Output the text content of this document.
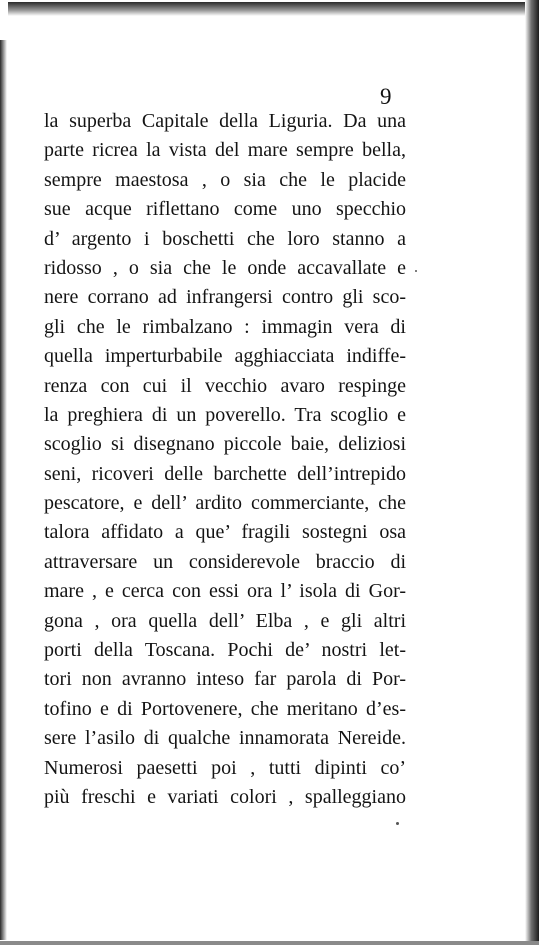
9
la superba Capitale della Liguria. Da una
parte ricrea la vista del mare sempre bella,
sempre maestosa , o sia che le placide
sue acque riflettano come uno specchio
d’ argento i boschetti che loro stanno a
ridosso , o sia che le onde accavallate e
nere corrano ad infrangersi contro gli sco-
gli che le rimbalzano : immagin vera di
quella imperturbabile agghiacciata indiffe-
renza con cui il vecchio avaro respinge
la preghiera di un poverello. Tra scoglio e
scoglio si disegnano piccole baie, deliziosi
seni, ricoveri delle barchette dell’intrepido
pescatore, e dell’ ardito commerciante, che
talora affidato a que’ fragili sostegni osa
attraversare un considerevole braccio di
mare , e cerca con essi ora l’ isola di Gor-
gona , ora quella dell’ Elba , e gli altri
porti della Toscana. Pochi de’ nostri let-
tori non avranno inteso far parola di Por-
tofino e di Portovenere, che meritano d’es-
sere l’asilo di qualche innamorata Nereide.
Numerosi paesetti poi , tutti dipinti co’
più freschi e variati colori , spalleggiano
